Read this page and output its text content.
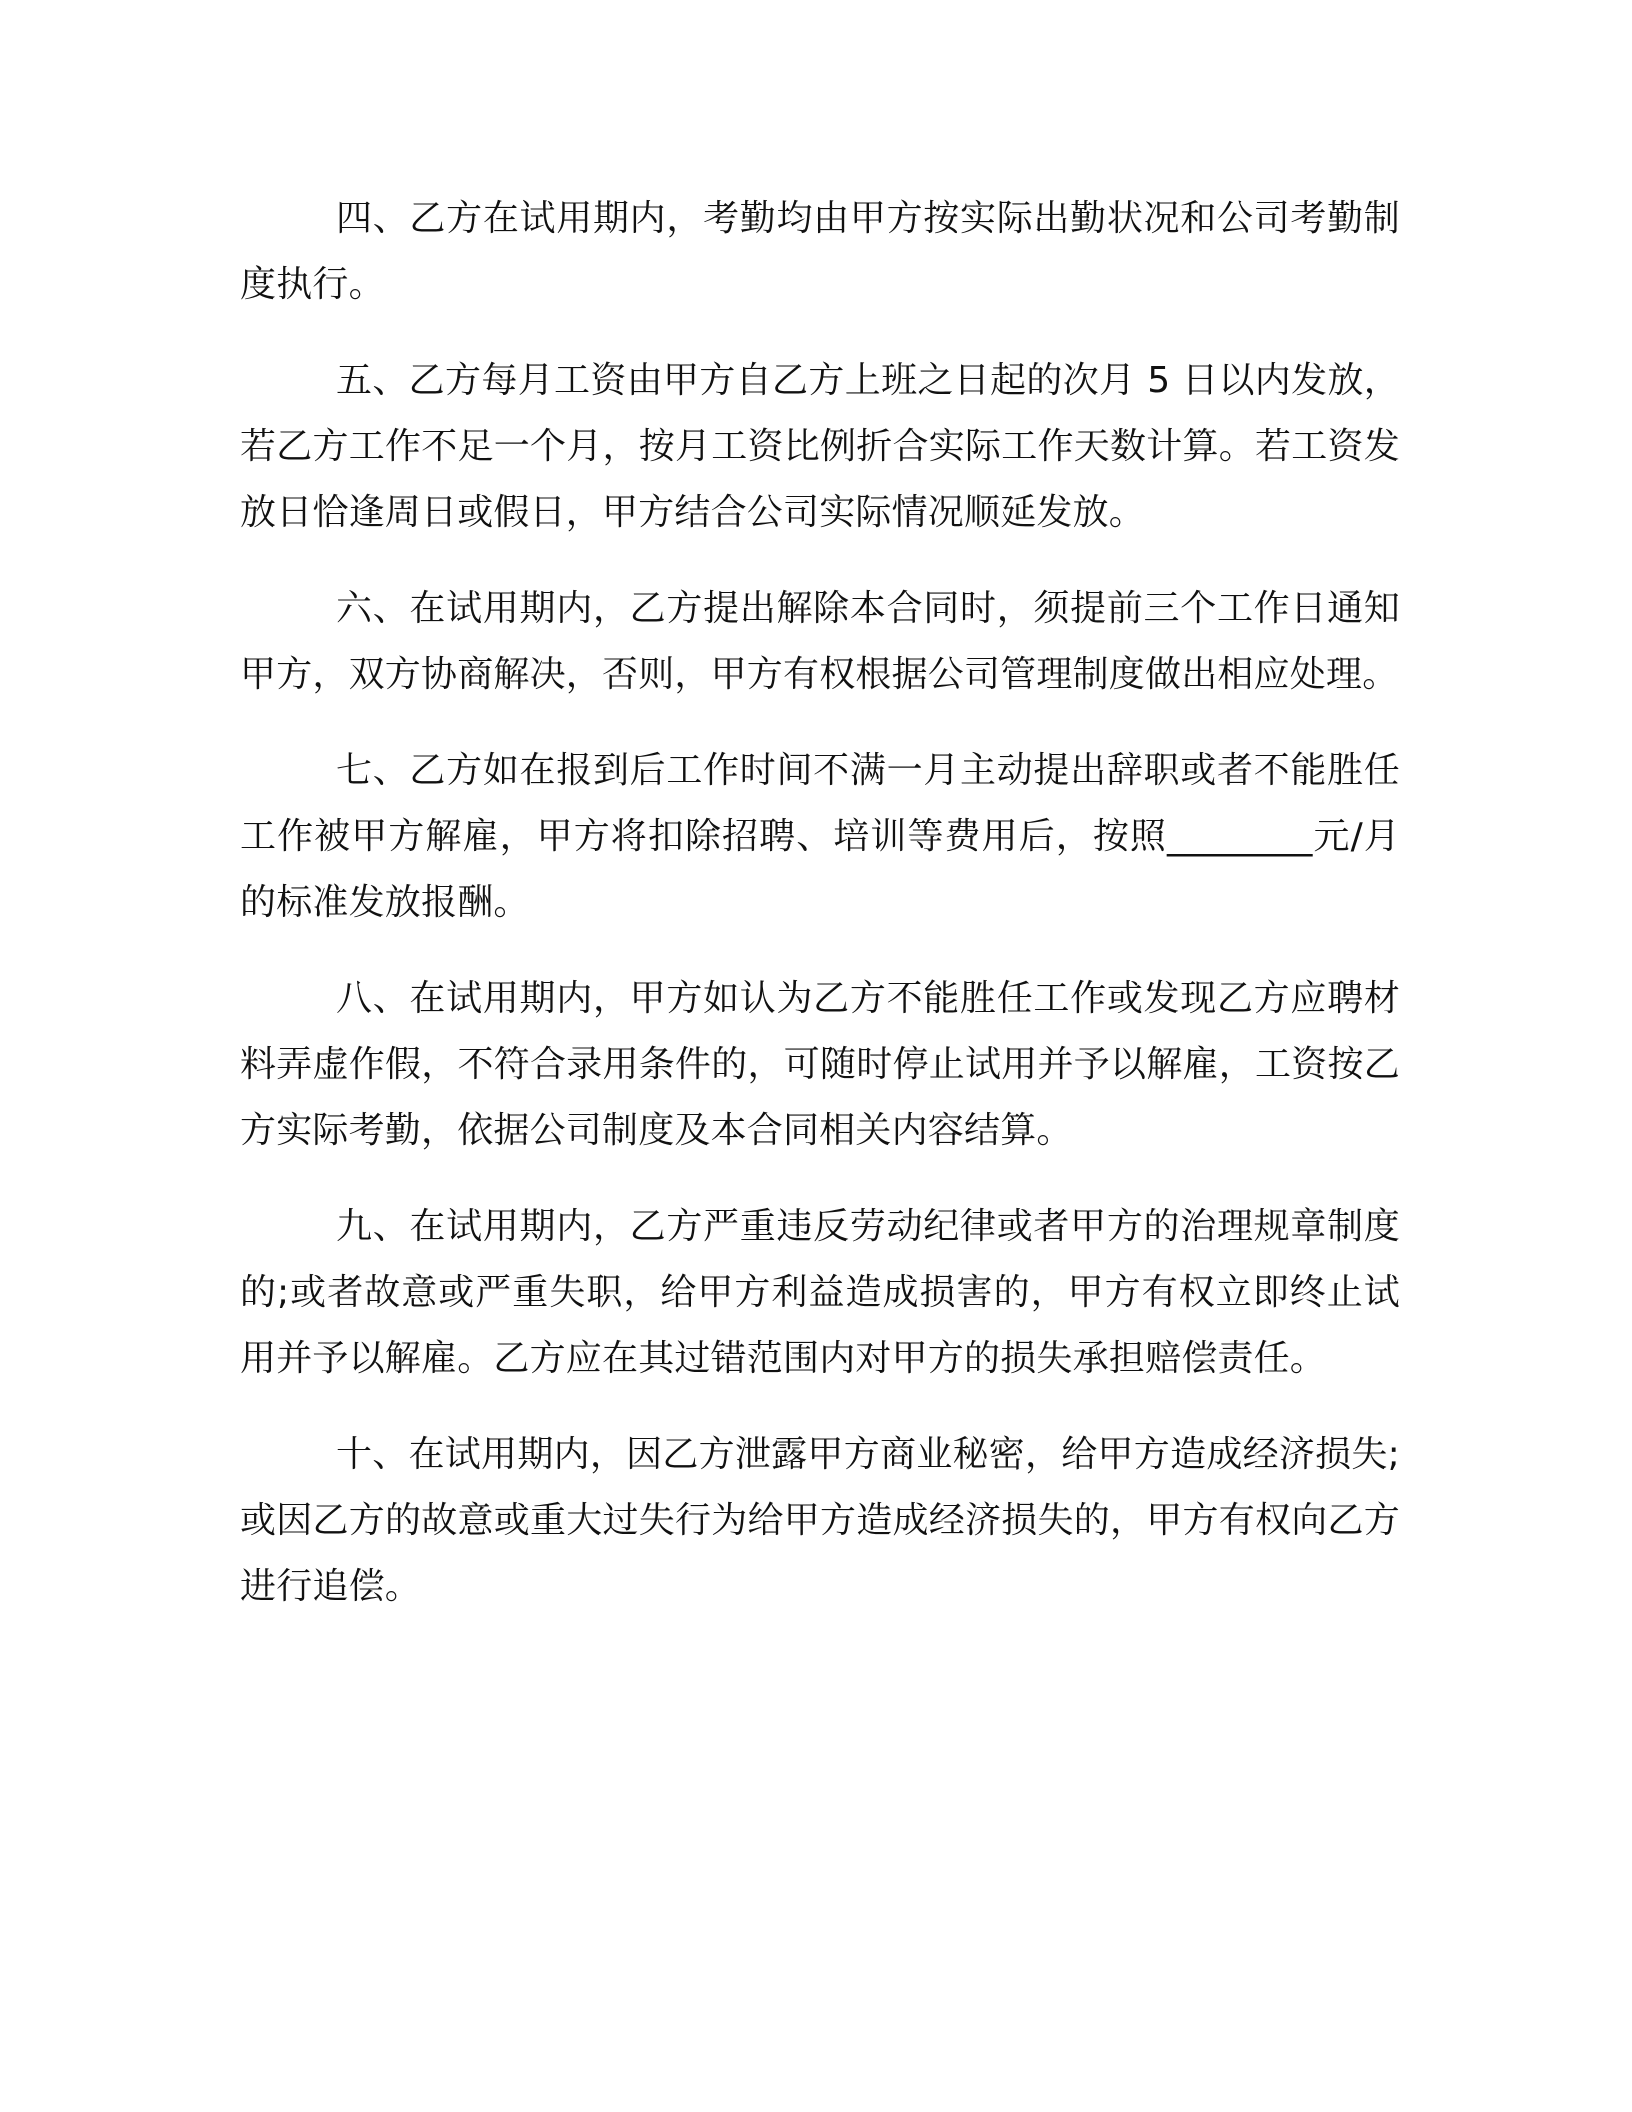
四、乙方在试用期内，考勤均由甲方按实际出勤状况和公司考勤制度执行。

五、乙方每月工资由甲方自乙方上班之日起的次月 5 日以内发放，若乙方工作不足一个月，按月工资比例折合实际工作天数计算。若工资发放日恰逢周日或假日，甲方结合公司实际情况顺延发放。

六、在试用期内，乙方提出解除本合同时，须提前三个工作日通知甲方，双方协商解决，否则，甲方有权根据公司管理制度做出相应处理。

七、乙方如在报到后工作时间不满一月主动提出辞职或者不能胜任工作被甲方解雇，甲方将扣除招聘、培训等费用后，按照________元/月的标准发放报酬。

八、在试用期内，甲方如认为乙方不能胜任工作或发现乙方应聘材料弄虚作假，不符合录用条件的，可随时停止试用并予以解雇，工资按乙方实际考勤，依据公司制度及本合同相关内容结算。

九、在试用期内，乙方严重违反劳动纪律或者甲方的治理规章制度的;或者故意或严重失职，给甲方利益造成损害的，甲方有权立即终止试用并予以解雇。乙方应在其过错范围内对甲方的损失承担赔偿责任。

十、在试用期内，因乙方泄露甲方商业秘密，给甲方造成经济损失;或因乙方的故意或重大过失行为给甲方造成经济损失的，甲方有权向乙方进行追偿。
